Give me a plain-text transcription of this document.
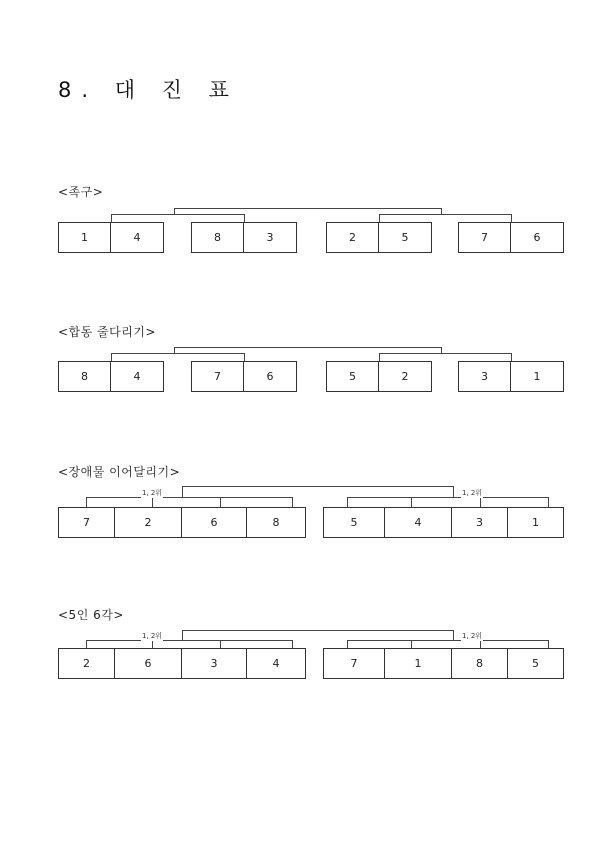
8. 대 진 표
<족구>
1	4	8	3	2	5	7	6
<합동 줄다리기>
8	4	7	6	5	2	3	1
<장애물 이어달리기>
1, 2위	1, 2위
7	2	6	8	5	4	3	1
<5인 6각>
1, 2위	1, 2위
2	6	3	4	7	1	8	5
